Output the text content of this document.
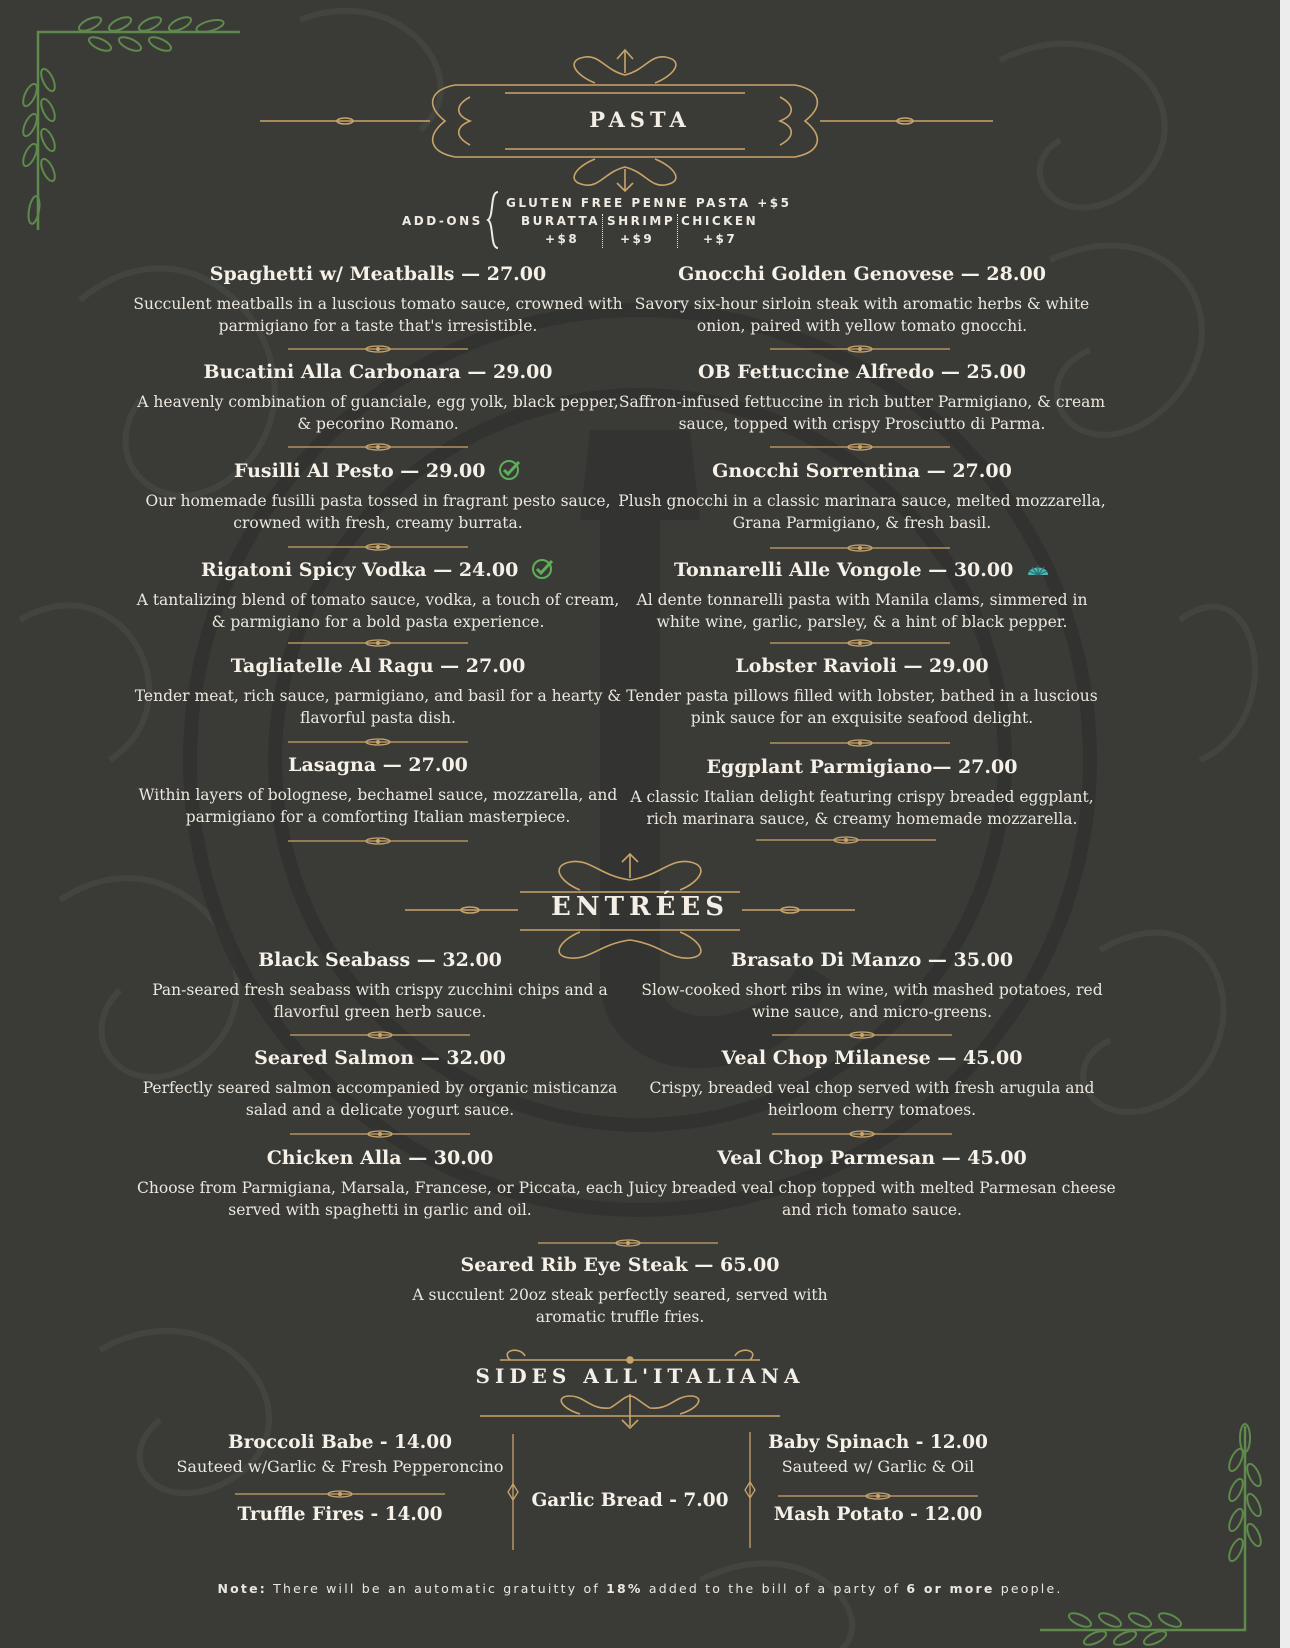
PASTA
ADD-ONS
GLUTEN FREE PENNE PASTA +$5
BURATTA
+$8
SHRIMP
+$9
CHICKEN
+$7
Spaghetti w/ Meatballs — 27.00
Succulent meatballs in a luscious tomato sauce, crowned with parmigiano for a taste that's irresistible.
Bucatini Alla Carbonara — 29.00
A heavenly combination of guanciale, egg yolk, black pepper, & pecorino Romano.
Fusilli Al Pesto — 29.00
Our homemade fusilli pasta tossed in fragrant pesto sauce, crowned with fresh, creamy burrata.
Rigatoni Spicy Vodka — 24.00
A tantalizing blend of tomato sauce, vodka, a touch of cream, & parmigiano for a bold pasta experience.
Tagliatelle Al Ragu — 27.00
Tender meat, rich sauce, parmigiano, and basil for a hearty & flavorful pasta dish.
Lasagna — 27.00
Within layers of bolognese, bechamel sauce, mozzarella, and parmigiano for a comforting Italian masterpiece.
Gnocchi Golden Genovese — 28.00
Savory six-hour sirloin steak with aromatic herbs & white onion, paired with yellow tomato gnocchi.
OB Fettuccine Alfredo — 25.00
Saffron-infused fettuccine in rich butter Parmigiano, & cream sauce, topped with crispy Prosciutto di Parma.
Gnocchi Sorrentina — 27.00
Plush gnocchi in a classic marinara sauce, melted mozzarella, Grana Parmigiano, & fresh basil.
Tonnarelli Alle Vongole — 30.00
Al dente tonnarelli pasta with Manila clams, simmered in white wine, garlic, parsley, & a hint of black pepper.
Lobster Ravioli — 29.00
Tender pasta pillows filled with lobster, bathed in a luscious pink sauce for an exquisite seafood delight.
Eggplant Parmigiano— 27.00
A classic Italian delight featuring crispy breaded eggplant, rich marinara sauce, & creamy homemade mozzarella.
ENTRÉES
Black Seabass — 32.00
Pan-seared fresh seabass with crispy zucchini chips and a flavorful green herb sauce.
Seared Salmon — 32.00
Perfectly seared salmon accompanied by organic misticanza salad and a delicate yogurt sauce.
Chicken Alla — 30.00
Choose from Parmigiana, Marsala, Francese, or Piccata, each served with spaghetti in garlic and oil.
Brasato Di Manzo — 35.00
Slow-cooked short ribs in wine, with mashed potatoes, red wine sauce, and micro-greens.
Veal Chop Milanese — 45.00
Crispy, breaded veal chop served with fresh arugula and heirloom cherry tomatoes.
Veal Chop Parmesan — 45.00
Juicy breaded veal chop topped with melted Parmesan cheese and rich tomato sauce.
Seared Rib Eye Steak — 65.00
A succulent 20oz steak perfectly seared, served with aromatic truffle fries.
SIDES ALL'ITALIANA
Broccoli Babe - 14.00
Sauteed w/Garlic & Fresh Pepperoncino
Truffle Fires - 14.00
Garlic Bread - 7.00
Baby Spinach - 12.00
Sauteed w/ Garlic & Oil
Mash Potato - 12.00
Note: There will be an automatic gratuitty of 18% added to the bill of a party of 6 or more people.
